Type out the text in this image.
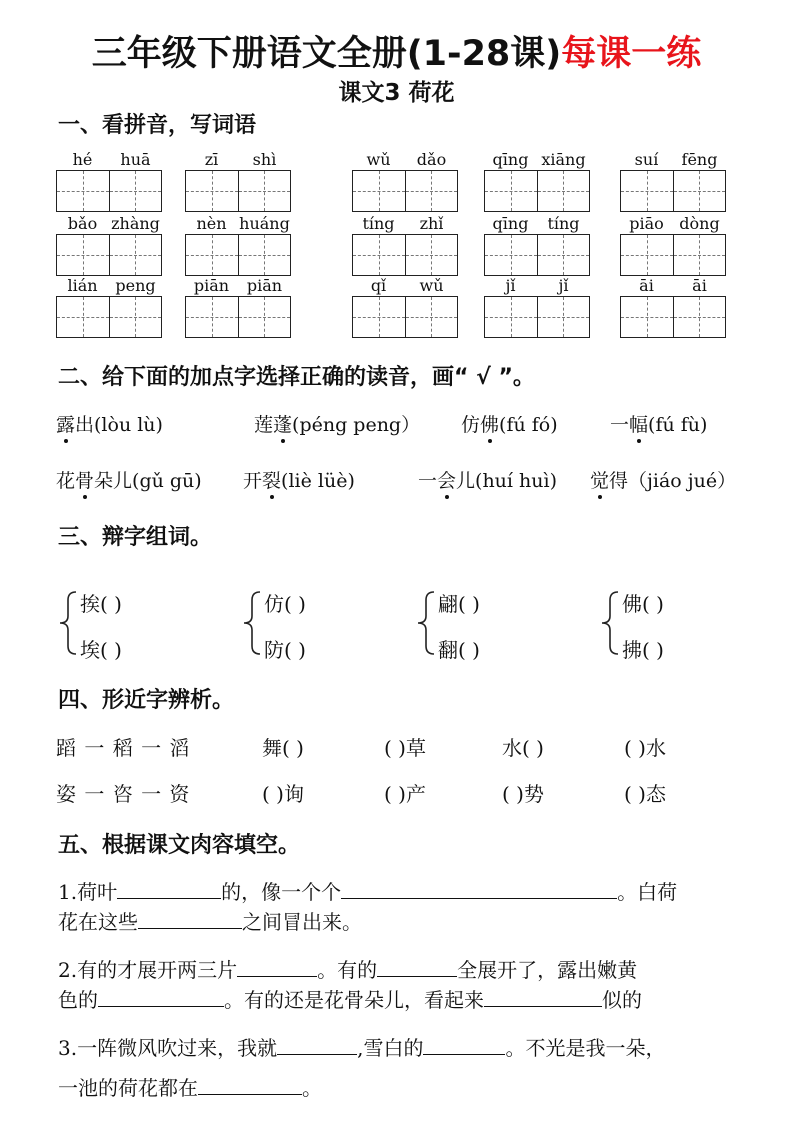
三年级下册语文全册(1-28课)每课一练
课文3 荷花
一、看拼音，写词语
hé	huā	zī	shì	wǔ	dǎo	qīng xiāng	suí	fēng
bǎo zhàng	nèn huáng	tíng	zhǐ	qīng	tíng	piāo dòng
lián	peng	piān	piān	qǐ	wǔ	jǐ	jǐ	āi	āi
二、给下面的加点字选择正确的读音，画“ √ ”。
露出(lòu lù)	莲蓬(péng peng） 仿佛(fú fó)	一幅(fú fù)
花骨朵儿(gǔ gū) 开裂(liè lüè)	一会儿(huí huì) 觉得（jiáo jué）
三、辩字组词。
挨( )
埃( )
仿( )
防( )
翩( )
翻( )
佛( )
拂( )
四、形近字辨析。
蹈 一 稻 一 滔	舞( )	( )草	水( )	( )水
姿 一 咨 一 资	( )询	( )产	( )势	( )态
五、根据课文肉容填空。
1.荷叶	的，像一个个	。白荷
花在这些	之间冒出来。
2.有的才展开两三片	。有的	全展开了，露出嫩黄
色的	。有的还是花骨朵儿，看起来	似的
3.一阵微风吹过来，我就	,雪白的	。不光是我一朵，
一池的荷花都在	。
